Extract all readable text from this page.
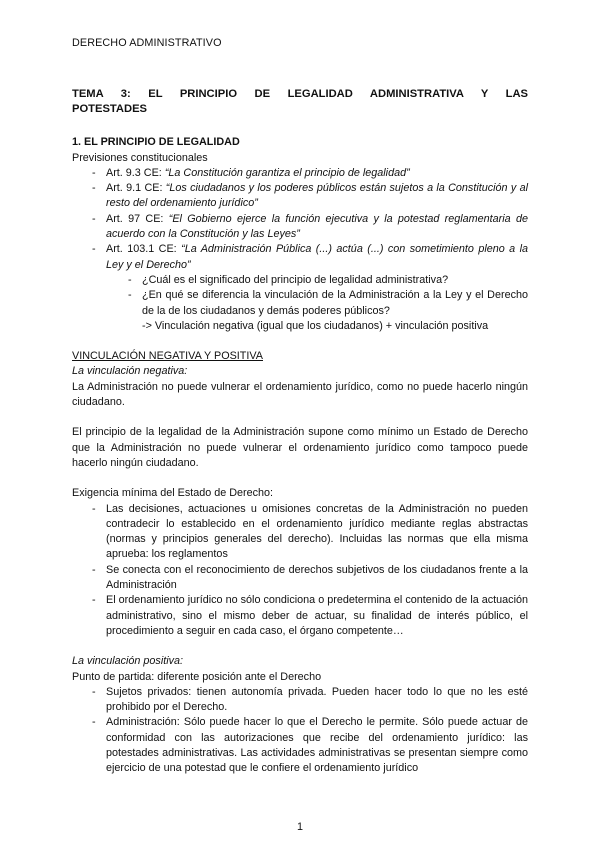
DERECHO ADMINISTRATIVO
TEMA 3: EL PRINCIPIO DE LEGALIDAD ADMINISTRATIVA Y LAS
POTESTADES
1. EL PRINCIPIO DE LEGALIDAD
Previsiones constitucionales
- Art. 9.3 CE: “La Constitución garantiza el principio de legalidad”
- Art. 9.1 CE: “Los ciudadanos y los poderes públicos están sujetos a la Constitución y al resto del ordenamiento jurídico”
- Art. 97 CE: “El Gobierno ejerce la función ejecutiva y la potestad reglamentaria de acuerdo con la Constitución y las Leyes”
- Art. 103.1 CE: “La Administración Pública (...) actúa (...) con sometimiento pleno a la Ley y el Derecho”
- ¿Cuál es el significado del principio de legalidad administrativa?
- ¿En qué se diferencia la vinculación de la Administración a la Ley y el Derecho de la de los ciudadanos y demás poderes públicos?
-> Vinculación negativa (igual que los ciudadanos) + vinculación positiva
VINCULACIÓN NEGATIVA Y POSITIVA
La vinculación negativa:

La Administración no puede vulnerar el ordenamiento jurídico, como no puede hacerlo ningún ciudadano.

El principio de la legalidad de la Administración supone como mínimo un Estado de Derecho que la Administración no puede vulnerar el ordenamiento jurídico como tampoco puede hacerlo ningún ciudadano.

Exigencia mínima del Estado de Derecho:
- Las decisiones, actuaciones u omisiones concretas de la Administración no pueden contradecir lo establecido en el ordenamiento jurídico mediante reglas abstractas (normas y principios generales del derecho). Incluidas las normas que ella misma aprueba: los reglamentos
- Se conecta con el reconocimiento de derechos subjetivos de los ciudadanos frente a la Administración
- El ordenamiento jurídico no sólo condiciona o predetermina el contenido de la actuación administrativo, sino el mismo deber de actuar, su finalidad de interés público, el procedimiento a seguir en cada caso, el órgano competente…
La vinculación positiva:
Punto de partida: diferente posición ante el Derecho
- Sujetos privados: tienen autonomía privada. Pueden hacer todo lo que no les esté prohibido por el Derecho.
- Administración: Sólo puede hacer lo que el Derecho le permite. Sólo puede actuar de conformidad con las autorizaciones que recibe del ordenamiento jurídico: las potestades administrativas. Las actividades administrativas se presentan siempre como ejercicio de una potestad que le confiere el ordenamiento jurídico
1
